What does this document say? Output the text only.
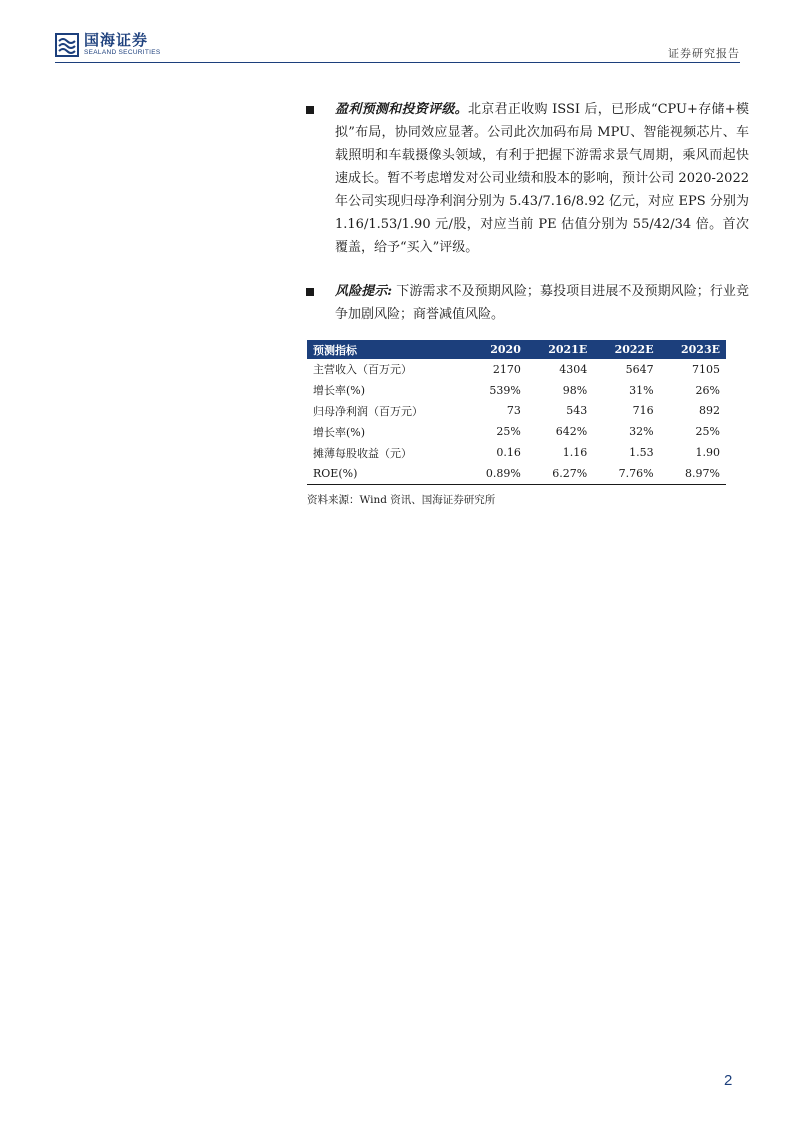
国海证券
SEALAND SECURITIES	证券研究报告
盈利预测和投资评级。北京君正收购 ISSI 后，已形成“CPU+存储+模拟”布局，协同效应显著。公司此次加码布局 MPU、智能视频芯片、车载照明和车载摄像头领域，有利于把握下游需求景气周期，乘风而起快速成长。暂不考虑增发对公司业绩和股本的影响，预计公司 2020-2022 年公司实现归母净利润分别为 5.43/7.16/8.92 亿元，对应 EPS 分别为 1.16/1.53/1.90 元/股，对应当前 PE 估值分别为 55/42/34 倍。首次覆盖，给予“买入”评级。
风险提示: 下游需求不及预期风险；募投项目进展不及预期风险；行业竞争加剧风险；商誉减值风险。
预测指标	2020	2021E	2022E	2023E
主营收入（百万元）	2170	4304	5647	7105
增长率(%)	539%	98%	31%	26%
归母净利润（百万元）	73	543	716	892
增长率(%)	25%	642%	32%	25%
摊薄每股收益（元）	0.16	1.16	1.53	1.90
ROE(%)	0.89%	6.27%	7.76%	8.97%
资料来源：Wind 资讯、国海证券研究所
2
